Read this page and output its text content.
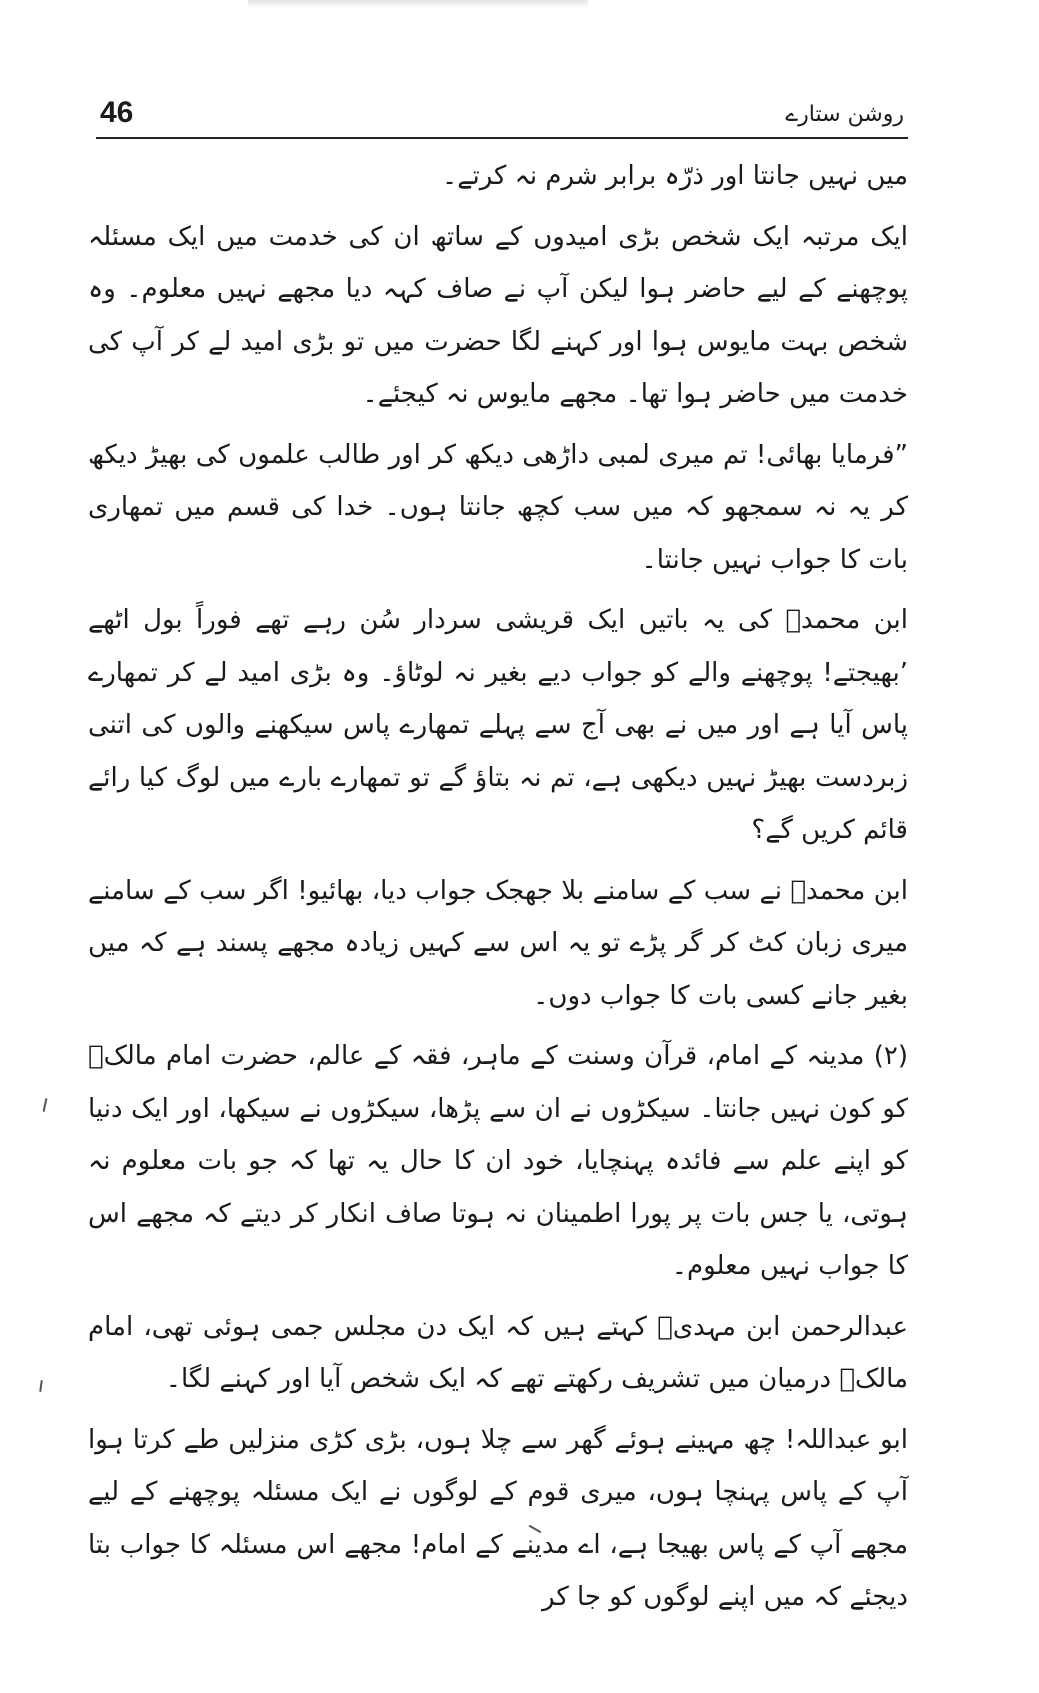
46	روشن ستارے

میں نہیں جانتا اور ذرّہ برابر شرم نہ کرتے۔

ایک مرتبہ ایک شخص بڑی امیدوں کے ساتھ ان کی خدمت میں ایک مسئلہ پوچھنے کے لیے حاضر ہوا لیکن آپ نے صاف کہہ دیا مجھے نہیں معلوم۔ وہ شخص بہت مایوس ہوا اور کہنے لگا حضرت میں تو بڑی امید لے کر آپ کی خدمت میں حاضر ہوا تھا۔ مجھے مایوس نہ کیجئے۔

”فرمایا بھائی! تم میری لمبی داڑھی دیکھ کر اور طالب علموں کی بھیڑ دیکھ کر یہ نہ سمجھو کہ میں سب کچھ جانتا ہوں۔ خدا کی قسم میں تمھاری بات کا جواب نہیں جانتا۔

ابن محمدؒ کی یہ باتیں ایک قریشی سردار سُن رہے تھے فوراً بول اٹھے ’بھیجتے! پوچھنے والے کو جواب دیے بغیر نہ لوٹاؤ۔ وہ بڑی امید لے کر تمھارے پاس آیا ہے اور میں نے بھی آج سے پہلے تمھارے پاس سیکھنے والوں کی اتنی زبردست بھیڑ نہیں دیکھی ہے، تم نہ بتاؤ گے تو تمھارے بارے میں لوگ کیا رائے قائم کریں گے؟

ابن محمدؒ نے سب کے سامنے بلا جھجک جواب دیا، بھائیو! اگر سب کے سامنے میری زبان کٹ کر گر پڑے تو یہ اس سے کہیں زیادہ مجھے پسند ہے کہ میں بغیر جانے کسی بات کا جواب دوں۔

(۲) مدینہ کے امام، قرآن وسنت کے ماہر، فقہ کے عالم، حضرت امام مالکؒ کو کون نہیں جانتا۔ سیکڑوں نے ان سے پڑھا، سیکڑوں نے سیکھا، اور ایک دنیا کو اپنے علم سے فائدہ پہنچایا، خود ان کا حال یہ تھا کہ جو بات معلوم نہ ہوتی، یا جس بات پر پورا اطمینان نہ ہوتا صاف انکار کر دیتے کہ مجھے اس کا جواب نہیں معلوم۔

عبدالرحمن ابن مہدیؒ کہتے ہیں کہ ایک دن مجلس جمی ہوئی تھی، امام مالکؒ درمیان میں تشریف رکھتے تھے کہ ایک شخص آیا اور کہنے لگا۔

ابو عبداللہ! چھ مہینے ہوئے گھر سے چلا ہوں، بڑی کڑی منزلیں طے کرتا ہوا آپ کے پاس پہنچا ہوں، میری قوم کے لوگوں نے ایک مسئلہ پوچھنے کے لیے مجھے آپ کے پاس بھیجا ہے، اے مدینے کے امام! مجھے اس مسئلہ کا جواب بتا دیجئے کہ میں اپنے لوگوں کو جا کر
